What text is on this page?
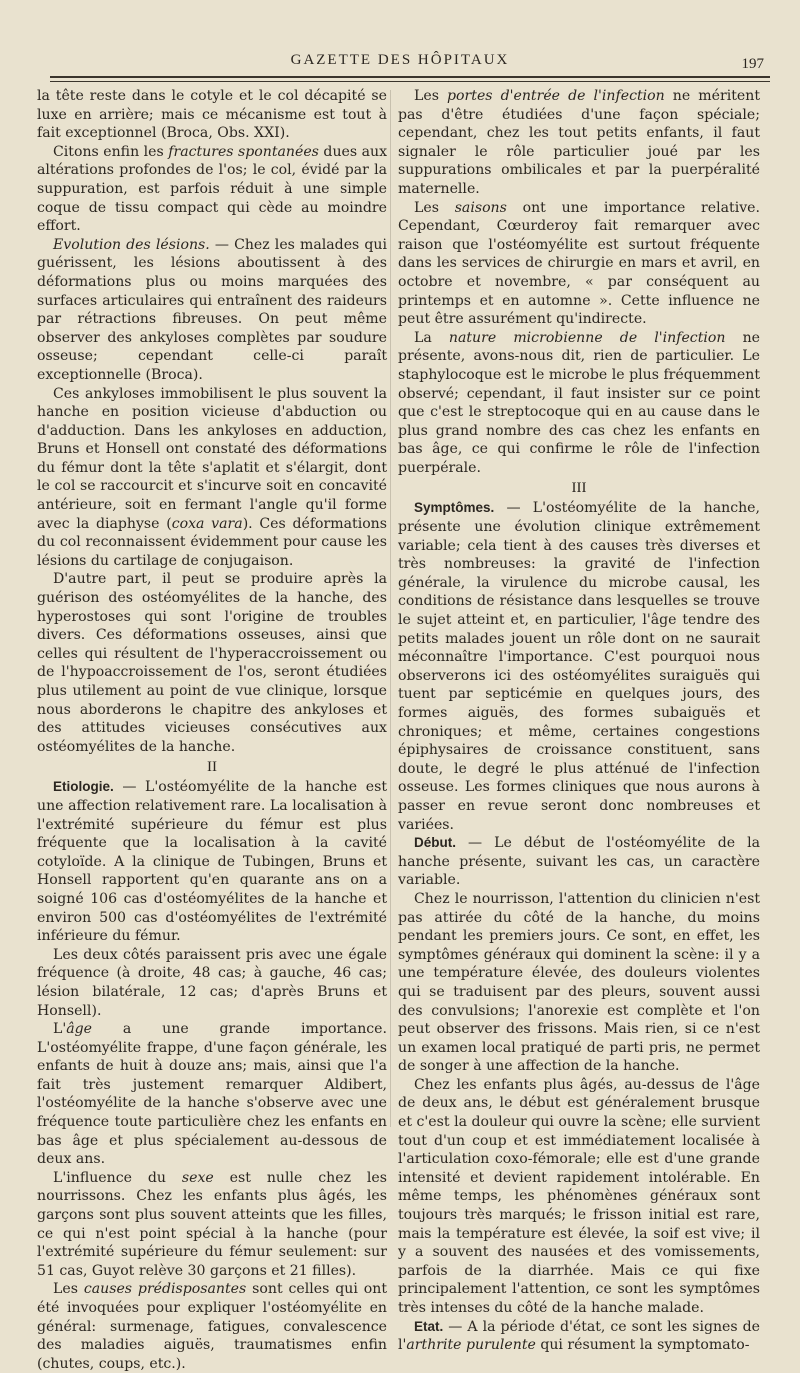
GAZETTE DES HÔPITAUX	197

la tête reste dans le cotyle et le col décapité se luxe en arrière; mais ce mécanisme est tout à fait exceptionnel (Broca, Obs. XXI).

Citons enfin les fractures spontanées dues aux altérations profondes de l'os; le col, évidé par la suppuration, est parfois réduit à une simple coque de tissu compact qui cède au moindre effort.

Evolution des lésions. — Chez les malades qui guérissent, les lésions aboutissent à des déformations plus ou moins marquées des surfaces articulaires qui entraînent des raideurs par rétractions fibreuses. On peut même observer des ankyloses complètes par soudure osseuse; cependant celle-ci paraît exceptionnelle (Broca).

Ces ankyloses immobilisent le plus souvent la hanche en position vicieuse d'abduction ou d'adduction. Dans les ankyloses en adduction, Bruns et Honsell ont constaté des déformations du fémur dont la tête s'aplatit et s'élargit, dont le col se raccourcit et s'incurve soit en concavité antérieure, soit en fermant l'angle qu'il forme avec la diaphyse (coxa vara). Ces déformations du col reconnaissent évidemment pour cause les lésions du cartilage de conjugaison.

D'autre part, il peut se produire après la guérison des ostéomyélites de la hanche, des hyperostoses qui sont l'origine de troubles divers. Ces déformations osseuses, ainsi que celles qui résultent de l'hyperaccroissement ou de l'hypoaccroissement de l'os, seront étudiées plus utilement au point de vue clinique, lorsque nous aborderons le chapitre des ankyloses et des attitudes vicieuses consécutives aux ostéomyélites de la hanche.

II

Etiologie. — L'ostéomyélite de la hanche est une affection relativement rare. La localisation à l'extrémité supérieure du fémur est plus fréquente que la localisation à la cavité cotyloïde. A la clinique de Tubingen, Bruns et Honsell rapportent qu'en quarante ans on a soigné 106 cas d'ostéomyélites de la hanche et environ 500 cas d'ostéomyélites de l'extrémité inférieure du fémur.

Les deux côtés paraissent pris avec une égale fréquence (à droite, 48 cas; à gauche, 46 cas; lésion bilatérale, 12 cas; d'après Bruns et Honsell).

L'âge a une grande importance. L'ostéomyélite frappe, d'une façon générale, les enfants de huit à douze ans; mais, ainsi que l'a fait très justement remarquer Aldibert, l'ostéomyélite de la hanche s'observe avec une fréquence toute particulière chez les enfants en bas âge et plus spécialement au-dessous de deux ans.

L'influence du sexe est nulle chez les nourrissons. Chez les enfants plus âgés, les garçons sont plus souvent atteints que les filles, ce qui n'est point spécial à la hanche (pour l'extrémité supérieure du fémur seulement: sur 51 cas, Guyot relève 30 garçons et 21 filles).

Les causes prédisposantes sont celles qui ont été invoquées pour expliquer l'ostéomyélite en général: surmenage, fatigues, convalescence des maladies aiguës, traumatismes enfin (chutes, coups, etc.).

Les portes d'entrée de l'infection ne méritent pas d'être étudiées d'une façon spéciale; cependant, chez les tout petits enfants, il faut signaler le rôle particulier joué par les suppurations ombilicales et par la puerpéralité maternelle.

Les saisons ont une importance relative. Cependant, Cœurderoy fait remarquer avec raison que l'ostéomyélite est surtout fréquente dans les services de chirurgie en mars et avril, en octobre et novembre, « par conséquent au printemps et en automne ». Cette influence ne peut être assurément qu'indirecte.

La nature microbienne de l'infection ne présente, avons-nous dit, rien de particulier. Le staphylocoque est le microbe le plus fréquemment observé; cependant, il faut insister sur ce point que c'est le streptocoque qui en au cause dans le plus grand nombre des cas chez les enfants en bas âge, ce qui confirme le rôle de l'infection puerpérale.

III

Symptômes. — L'ostéomyélite de la hanche, présente une évolution clinique extrêmement variable; cela tient à des causes très diverses et très nombreuses: la gravité de l'infection générale, la virulence du microbe causal, les conditions de résistance dans lesquelles se trouve le sujet atteint et, en particulier, l'âge tendre des petits malades jouent un rôle dont on ne saurait méconnaître l'importance. C'est pourquoi nous observerons ici des ostéomyélites suraiguës qui tuent par septicémie en quelques jours, des formes aiguës, des formes subaiguës et chroniques; et même, certaines congestions épiphysaires de croissance constituent, sans doute, le degré le plus atténué de l'infection osseuse. Les formes cliniques que nous aurons à passer en revue seront donc nombreuses et variées.

Début. — Le début de l'ostéomyélite de la hanche présente, suivant les cas, un caractère variable.

Chez le nourrisson, l'attention du clinicien n'est pas attirée du côté de la hanche, du moins pendant les premiers jours. Ce sont, en effet, les symptômes généraux qui dominent la scène: il y a une température élevée, des douleurs violentes qui se traduisent par des pleurs, souvent aussi des convulsions; l'anorexie est complète et l'on peut observer des frissons. Mais rien, si ce n'est un examen local pratiqué de parti pris, ne permet de songer à une affection de la hanche.

Chez les enfants plus âgés, au-dessus de l'âge de deux ans, le début est généralement brusque et c'est la douleur qui ouvre la scène; elle survient tout d'un coup et est immédiatement localisée à l'articulation coxo-fémorale; elle est d'une grande intensité et devient rapidement intolérable. En même temps, les phénomènes généraux sont toujours très marqués; le frisson initial est rare, mais la température est élevée, la soif est vive; il y a souvent des nausées et des vomissements, parfois de la diarrhée. Mais ce qui fixe principalement l'attention, ce sont les symptômes très intenses du côté de la hanche malade.

Etat. — A la période d'état, ce sont les signes de l'arthrite purulente qui résument la symptomato-
